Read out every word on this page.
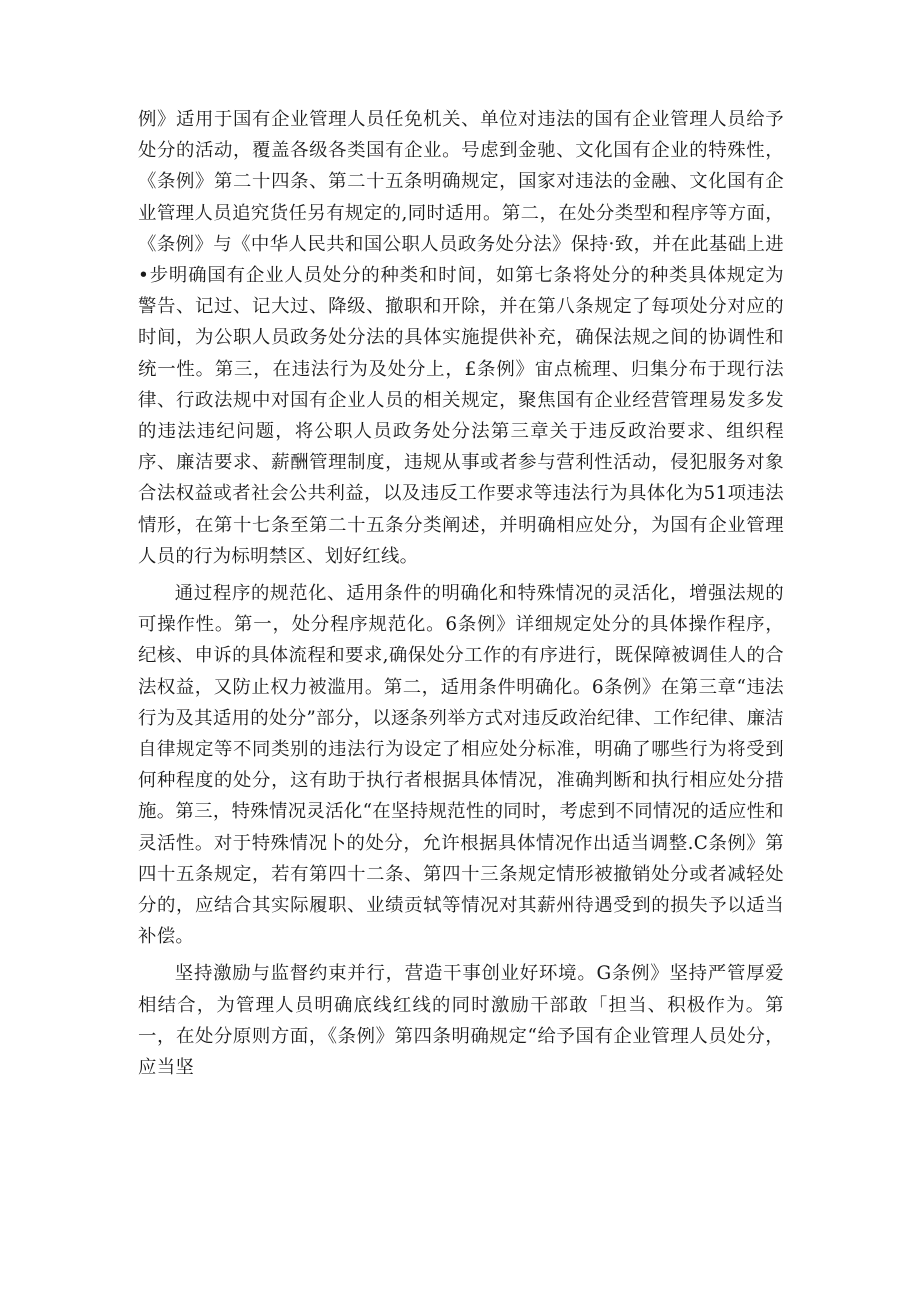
例》适用于国有企业管理人员任免机关、单位对违法的国有企业管理人员给予处分的活动，覆盖各级各类国有企业。号虑到金驰、文化国有企业的特殊性，《条例》第二十四条、第二十五条明确规定，国家对违法的金融、文化国有企业管理人员追究货任另有规定的,同时适用。第二，在处分类型和程序等方面，《条例》与《中华人民共和国公职人员政务处分法》保持·致，并在此基础上进•步明确国有企业人员处分的种类和时间，如第七条将处分的种类具体规定为警告、记过、记大过、降级、撤职和开除，并在第八条规定了每项处分对应的时间，为公职人员政务处分法的具体实施提供补充，确保法规之间的协调性和统一性。第三，在违法行为及处分上，£条例》宙点梳理、归集分布于现行法律、行政法规中对国有企业人员的相关规定，聚焦国有企业经营管理易发多发的违法违纪问题，将公职人员政务处分法第三章关于违反政治要求、组织程序、廉洁要求、薪酬管理制度，违规从事或者参与营利性活动，侵犯服务对象合法权益或者社会公共利益，以及违反工作要求等违法行为具体化为51项违法情形，在第十七条至第二十五条分类阐述，并明确相应处分，为国有企业管理人员的行为标明禁区、划好红线。

通过程序的规范化、适用条件的明确化和特殊情况的灵活化，增强法规的可操作性。第一，处分程序规范化。6条例》详细规定处分的具体操作程序，纪核、申诉的具体流程和要求,确保处分工作的有序进行，既保障被调佳人的合法权益，又防止权力被滥用。第二，适用条件明确化。6条例》在第三章“违法行为及其适用的处分”部分，以逐条列举方式对违反政治纪律、工作纪律、廉洁自律规定等不同类别的违法行为设定了相应处分标准，明确了哪些行为将受到何种程度的处分，这有助于执行者根据具体情况，准确判断和执行相应处分措施。第三，特殊情况灵活化“在坚持规范性的同时，考虑到不同情况的适应性和灵活性。对于特殊情况卜的处分，允许根据具体情况作出适当调整.C条例》第四十五条规定，若有第四十二条、第四十三条规定情形被撤销处分或者减轻处分的，应结合其实际履职、业绩贡轼等情况对其薪州待遇受到的损失予以适当补偿。

坚持激励与监督约束并行，营造干事创业好环境。G条例》坚持严管厚爱相结合，为管理人员明确底线红线的同时激励干部敢「担当、积极作为。第一，在处分原则方面，《条例》第四条明确规定“给予国有企业管理人员处分，应当坚
